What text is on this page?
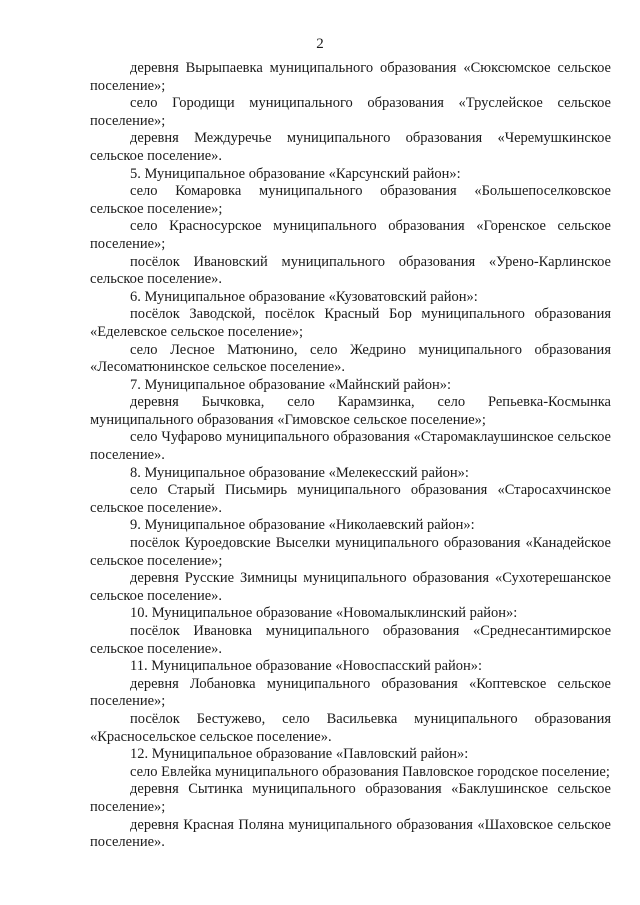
2

деревня Вырыпаевка муниципального образования «Сюксюмское сельское поселение»;

село Городищи муниципального образования «Труслейское сельское поселение»;

деревня Междуречье муниципального образования «Черемушкинское сельское поселение».

5. Муниципальное образование «Карсунский район»:

село Комаровка муниципального образования «Большепоселковское сельское поселение»;

село Красносурское муниципального образования «Горенское сельское поселение»;

посёлок Ивановский муниципального образования «Урено-Карлинское сельское поселение».

6. Муниципальное образование «Кузоватовский район»:

посёлок Заводской, посёлок Красный Бор муниципального образования «Еделевское сельское поселение»;

село Лесное Матюнино, село Жедрино муниципального образования «Лесоматюнинское сельское поселение».

7. Муниципальное образование «Майнский район»:

деревня Бычковка, село Карамзинка, село Репьевка-Космынка муниципального образования «Гимовское сельское поселение»;

село Чуфарово муниципального образования «Старомаклаушинское сельское поселение».

8. Муниципальное образование «Мелекесский район»:

село Старый Письмирь муниципального образования «Старосахчинское сельское поселение».

9. Муниципальное образование «Николаевский район»:

посёлок Куроедовские Выселки муниципального образования «Канадейское сельское поселение»;

деревня Русские Зимницы муниципального образования «Сухотерешанское сельское поселение».

10. Муниципальное образование «Новомалыклинский район»:

посёлок Ивановка муниципального образования «Среднесантимирское сельское поселение».

11. Муниципальное образование «Новоспасский район»:

деревня Лобановка муниципального образования «Коптевское сельское поселение»;

посёлок Бестужево, село Васильевка муниципального образования «Красносельское сельское поселение».

12. Муниципальное образование «Павловский район»:

село Евлейка муниципального образования Павловское городское поселение;

деревня Сытинка муниципального образования «Баклушинское сельское поселение»;

деревня Красная Поляна муниципального образования «Шаховское сельское поселение».
